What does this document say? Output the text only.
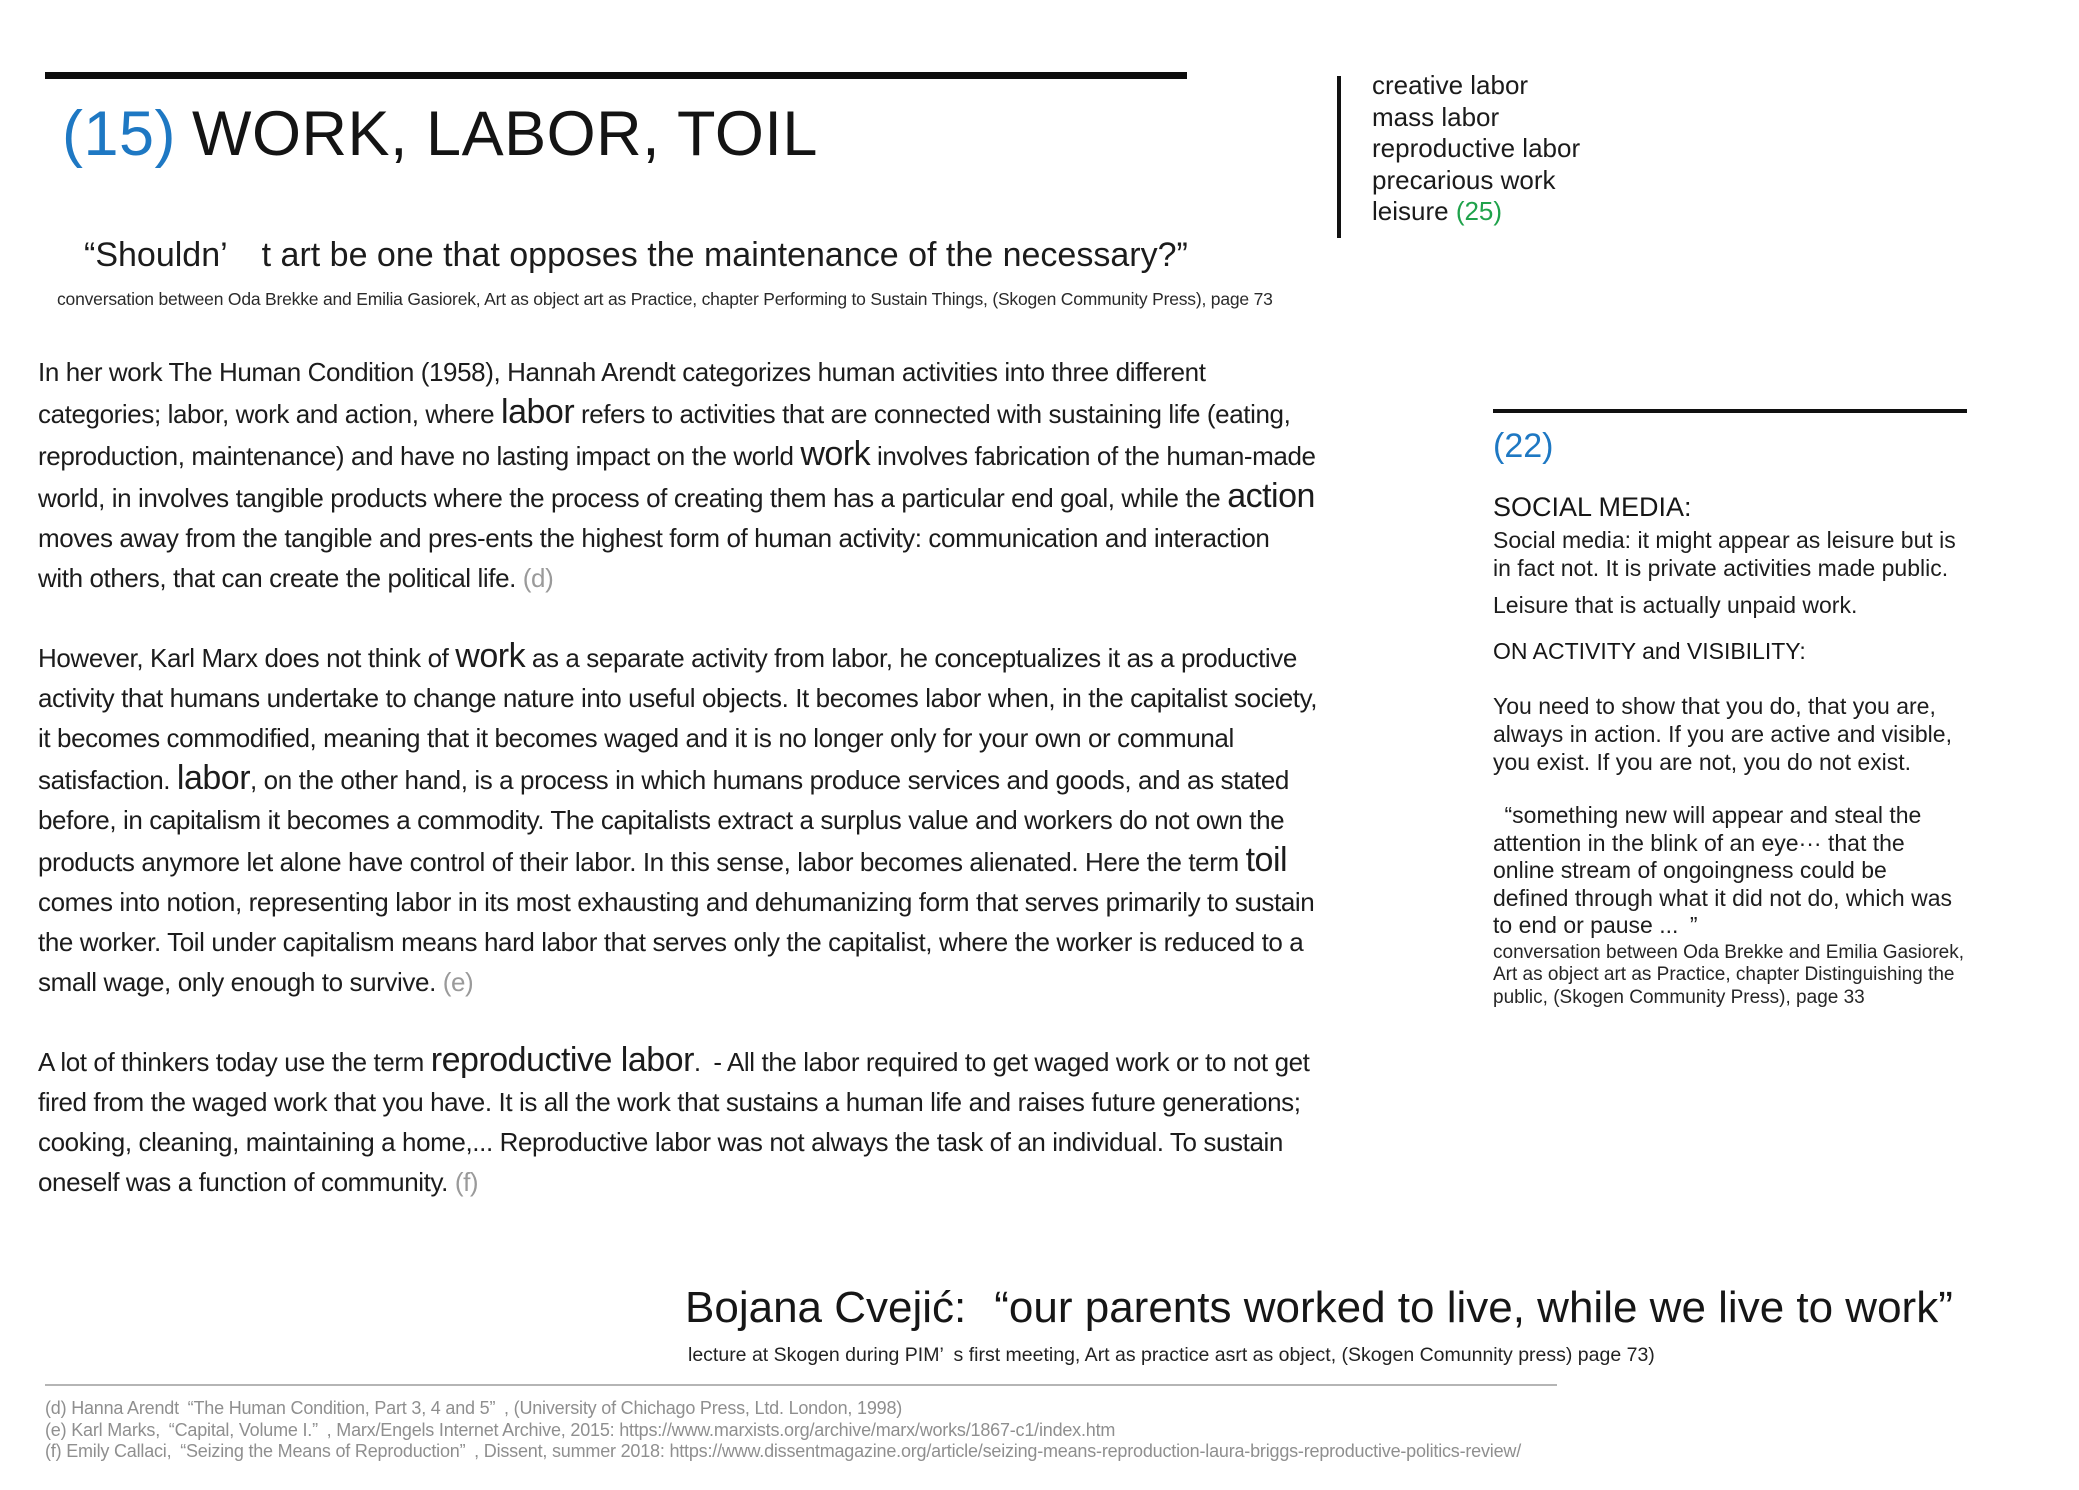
(15) WORK, LABOR, TOIL
“Shouldn’ t art be one that opposes the maintenance of the necessary?”
conversation between Oda Brekke and Emilia Gasiorek, Art as object art as Practice, chapter Performing to Sustain Things, (Skogen Community Press), page 73
creative labor
mass labor
reproductive labor
precarious work
leisure (25)

In her work The Human Condition (1958), Hannah Arendt categorizes human activities into three different categories; labor, work and action, where labor refers to activities that are connected with sustaining life (eating, reproduction, maintenance) and have no lasting impact on the world work involves fabrication of the human-made world, in involves tangible products where the process of creating them has a particular end goal, while the action moves away from the tangible and pres-ents the highest form of human activity: communication and interaction with others, that can create the political life. (d)

However, Karl Marx does not think of work as a separate activity from labor, he conceptualizes it as a productive activity that humans undertake to change nature into useful objects. It becomes labor when, in the capitalist society, it becomes commodified, meaning that it becomes waged and it is no longer only for your own or communal satisfaction. labor, on the other hand, is a process in which humans produce services and goods, and as stated before, in capitalism it becomes a commodity. The capitalists extract a surplus value and workers do not own the products anymore let alone have control of their labor. In this sense, labor becomes alienated. Here the term toil comes into notion, representing labor in its most exhausting and dehumanizing form that serves primarily to sustain the worker. Toil under capitalism means hard labor that serves only the capitalist, where the worker is reduced to a small wage, only enough to survive. (e)

A lot of thinkers today use the term reproductive labor. - All the labor required to get waged work or to not get fired from the waged work that you have. It is all the work that sustains a human life and raises future generations; cooking, cleaning, maintaining a home,... Reproductive labor was not always the task of an individual. To sustain oneself was a function of community. (f)

(22)
SOCIAL MEDIA:
Social media: it might appear as leisure but is in fact not. It is private activities made public.
Leisure that is actually unpaid work.
ON ACTIVITY and VISIBILITY:
You need to show that you do, that you are, always in action. If you are active and visible, you exist. If you are not, you do not exist.
 “something new will appear and steal the attention in the blink of an eye··· that the online stream of ongoingness could be defined through what it did not do, which was to end or pause ... ”
conversation between Oda Brekke and Emilia Gasiorek, Art as object art as Practice, chapter Distinguishing the public, (Skogen Community Press), page 33
Bojana Cvejić: “our parents worked to live, while we live to work”
lecture at Skogen during PIM’ s first meeting, Art as practice asrt as object, (Skogen Comunnity press) page 73)
(d) Hanna Arendt “The Human Condition, Part 3, 4 and 5” , (University of Chichago Press, Ltd. London, 1998)
(e) Karl Marks, “Capital, Volume I.” , Marx/Engels Internet Archive, 2015: https://www.marxists.org/archive/marx/works/1867-c1/index.htm
(f) Emily Callaci, “Seizing the Means of Reproduction” , Dissent, summer 2018: https://www.dissentmagazine.org/article/seizing-means-reproduction-laura-briggs-reproductive-politics-review/
